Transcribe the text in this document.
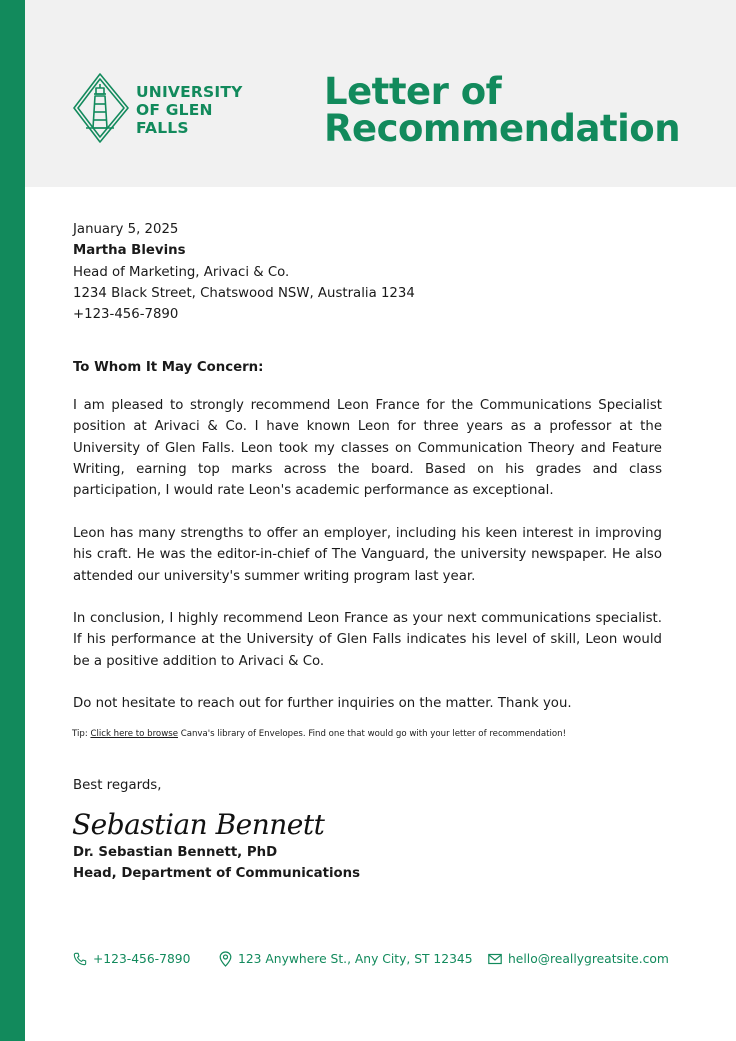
UNIVERSITY
OF GLEN
FALLS
Letter of
Recommendation
January 5, 2025
Martha Blevins
Head of Marketing, Arivaci & Co.
1234 Black Street, Chatswood NSW, Australia 1234
+123-456-7890
To Whom It May Concern:
I am pleased to strongly recommend Leon France for the Communications Specialist position at Arivaci & Co. I have known Leon for three years as a professor at the University of Glen Falls. Leon took my classes on Communication Theory and Feature Writing, earning top marks across the board. Based on his grades and class participation, I would rate Leon's academic performance as exceptional.
Leon has many strengths to offer an employer, including his keen interest in improving his craft. He was the editor-in-chief of The Vanguard, the university newspaper. He also attended our university's summer writing program last year.
In conclusion, I highly recommend Leon France as your next communications specialist. If his performance at the University of Glen Falls indicates his level of skill, Leon would be a positive addition to Arivaci & Co.
Do not hesitate to reach out for further inquiries on the matter. Thank you.
Tip: Click here to browse Canva's library of Envelopes. Find one that would go with your letter of recommendation!
Best regards,
Sebastian Bennett
Dr. Sebastian Bennett, PhD
Head, Department of Communications
+123-456-7890	123 Anywhere St., Any City, ST 12345	hello@reallygreatsite.com
